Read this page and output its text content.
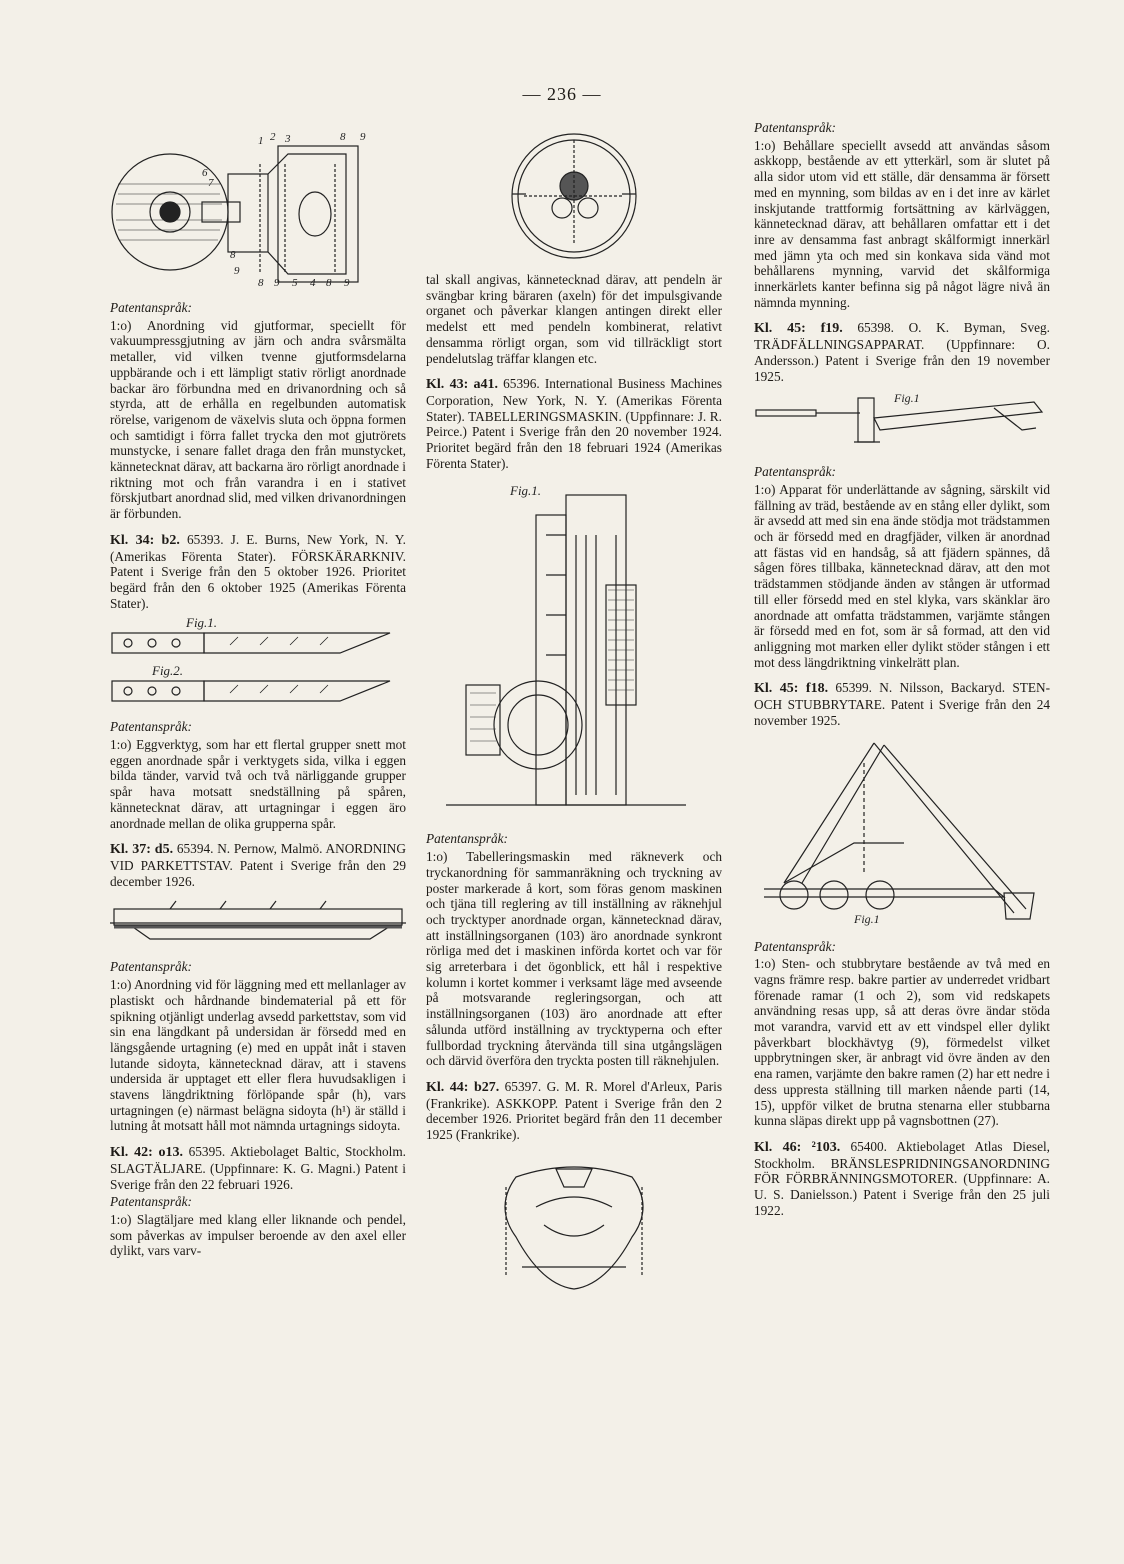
— 236 —
1 2 3	8 9
6
7
8
9
8 9 5 4 8 9

Patentanspråk:

1:o) Anordning vid gjutformar, speciellt för vakuumpressgjutning av järn och andra svårsmälta metaller, vid vilken tvenne gjutformsdelarna uppbärande och i ett lämpligt stativ rörligt anordnade backar äro förbundna med en drivanordning och så styrda, att de erhålla en regelbunden automatisk rörelse, varigenom de växelvis sluta och öppna formen och samtidigt i förra fallet trycka den mot gjutrörets munstycke, i senare fallet draga den från munstycket, kännetecknat därav, att backarna äro rörligt anordnade i riktning mot och från varandra i en i stativet förskjutbart anordnad slid, med vilken drivanordningen är förbunden.

Kl. 34: b2. 65393. J. E. Burns, New York, N. Y. (Amerikas Förenta Stater). FÖRSKÄRARKNIV. Patent i Sverige från den 5 oktober 1926. Prioritet begärd från den 6 oktober 1925 (Amerikas Förenta Stater).

Fig.1.
Fig.2.

Patentanspråk:

1:o) Eggverktyg, som har ett flertal grupper snett mot eggen anordnade spår i verktygets sida, vilka i eggen bilda tänder, varvid två och två närliggande grupper spår hava motsatt snedställning på spåren, kännetecknat därav, att urtagningar i eggen äro anordnade mellan de olika grupperna spår.

Kl. 37: d5. 65394. N. Pernow, Malmö. ANORDNING VID PARKETTSTAV. Patent i Sverige från den 29 december 1926.

Patentanspråk:

1:o) Anordning vid för läggning med ett mellanlager av plastiskt och hårdnande bindematerial på ett för spikning otjänligt underlag avsedd parkettstav, som vid sin ena längdkant på undersidan är försedd med en längsgående urtagning (e) med en uppåt inåt i staven lutande sidoyta, kännetecknad därav, att i stavens undersida är upptaget ett eller flera huvudsakligen i stavens längdriktning förlöpande spår (h), vars urtagningen (e) närmast belägna sidoyta (h¹) är ställd i lutning åt motsatt håll mot nämnda urtagnings sidoyta.

Kl. 42: o13. 65395. Aktiebolaget Baltic, Stockholm. SLAGTÄLJARE. (Uppfinnare: K. G. Magni.) Patent i Sverige från den 22 februari 1926.

Patentanspråk:

1:o) Slagtäljare med klang eller liknande och pendel, som påverkas av impulser beroende av den axel eller dylikt, vars varv-

tal skall angivas, kännetecknad därav, att pendeln är svängbar kring bäraren (axeln) för det impulsgivande organet och påverkar klangen antingen direkt eller medelst ett med pendeln kombinerat, relativt densamma rörligt organ, som vid tillräckligt stort pendelutslag träffar klangen etc.

Kl. 43: a41. 65396. International Business Machines Corporation, New York, N. Y. (Amerikas Förenta Stater). TABELLERINGSMASKIN. (Uppfinnare: J. R. Peirce.) Patent i Sverige från den 20 november 1924. Prioritet begärd från den 18 februari 1924 (Amerikas Förenta Stater).

Fig.1.

Patentanspråk:

1:o) Tabelleringsmaskin med räkneverk och tryckanordning för sammanräkning och tryckning av poster markerade å kort, som föras genom maskinen och tjäna till reglering av till inställning av räknehjul och trycktyper anordnade organ, kännetecknad därav, att inställningsorganen (103) äro anordnade synkront rörliga med det i maskinen införda kortet och var för sig arreterbara i det ögonblick, ett hål i respektive kolumn i kortet kommer i verksamt läge med avseende på motsvarande regleringsorgan, och att inställningsorganen (103) äro anordnade att efter sålunda utförd inställning av trycktyperna och efter fullbordad tryckning återvända till sina utgångslägen och därvid överföra den tryckta posten till räknehjulen.

Kl. 44: b27. 65397. G. M. R. Morel d'Arleux, Paris (Frankrike). ASKKOPP. Patent i Sverige från den 2 december 1926. Prioritet begärd från den 11 december 1925 (Frankrike).

Patentanspråk:

1:o) Behållare speciellt avsedd att användas såsom askkopp, bestående av ett ytterkärl, som är slutet på alla sidor utom vid ett ställe, där densamma är försett med en mynning, som bildas av en i det inre av kärlet inskjutande trattformig fortsättning av kärlväggen, kännetecknad därav, att behållaren omfattar ett i det inre av densamma fast anbragt skålformigt innerkärl med jämn yta och med sin konkava sida vänd mot behållarens mynning, varvid det skålformiga innerkärlets kanter befinna sig på något lägre nivå än nämnda mynning.

Kl. 45: f19. 65398. O. K. Byman, Sveg. TRÄDFÄLLNINGSAPPARAT. (Uppfinnare: O. Andersson.) Patent i Sverige från den 19 november 1925.

Fig.1

Patentanspråk:

1:o) Apparat för underlättande av sågning, särskilt vid fällning av träd, bestående av en stång eller dylikt, som är avsedd att med sin ena ände stödja mot trädstammen och är försedd med en dragfjäder, vilken är anordnad att fästas vid en handsåg, så att fjädern spännes, då sågen föres tillbaka, kännetecknad därav, att den mot trädstammen stödjande änden av stången är utformad till eller försedd med en stel klyka, vars skänklar äro anordnade att omfatta trädstammen, varjämte stången är försedd med en fot, som är så formad, att den vid anliggning mot marken eller dylikt stöder stången i ett mot dess längdriktning vinkelrätt plan.

Kl. 45: f18. 65399. N. Nilsson, Backaryd. STEN- OCH STUBBRYTARE. Patent i Sverige från den 24 november 1925.

Fig.1

Patentanspråk:

1:o) Sten- och stubbrytare bestående av två med en vagns främre resp. bakre partier av underredet vridbart förenade ramar (1 och 2), som vid redskapets användning resas upp, så att deras övre ändar stöda mot varandra, varvid ett av ett vindspel eller dylikt påverkbart blockhävtyg (9), förmedelst vilket uppbrytningen sker, är anbragt vid övre änden av den ena ramen, varjämte den bakre ramen (2) har ett nedre i dess uppresta ställning till marken nående parti (14, 15), uppför vilket de brutna stenarna eller stubbarna kunna släpas direkt upp på vagnsbottnen (27).

Kl. 46: ²103. 65400. Aktiebolaget Atlas Diesel, Stockholm. BRÄNSLESPRIDNINGSANORDNING FÖR FÖRBRÄNNINGSMOTORER. (Uppfinnare: A. U. S. Danielsson.) Patent i Sverige från den 25 juli 1922.
